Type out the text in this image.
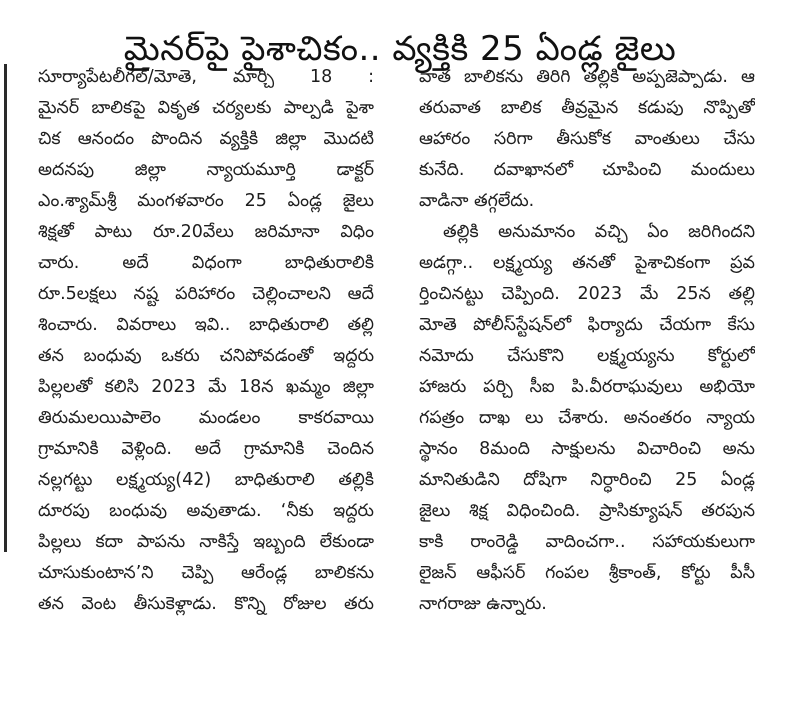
మైనర్‌పై పైశాచికం.. వ్యక్తికి 25 ఏండ్ల జైలు
సూర్యాపేటలీగల్/మోతె, మార్చి 18 :
మైనర్ బాలికపై వికృత చర్యలకు పాల్పడి పైశా
చిక ఆనందం పొందిన వ్యక్తికి జిల్లా మొదటి
అదనపు జిల్లా న్యాయమూర్తి డాక్టర్
ఎం.శ్యామ్‌శ్రీ మంగళవారం 25 ఏండ్ల జైలు
శిక్షతో పాటు రూ.20వేలు జరిమానా విధిం
చారు. అదే విధంగా బాధితురాలికి
రూ.5లక్షలు నష్ట పరిహారం చెల్లించాలని ఆదే
శించారు. వివరాలు ఇవి.. బాధితురాలి తల్లి
తన బంధువు ఒకరు చనిపోవడంతో ఇద్దరు
పిల్లలతో కలిసి 2023 మే 18న ఖమ్మం జిల్లా
తిరుమలయిపాలెం మండలం కాకరవాయి
గ్రామానికి వెళ్లింది. అదే గ్రామానికి చెందిన
నల్లగట్టు లక్ష్మయ్య(42) బాధితురాలి తల్లికి
దూరపు బంధువు అవుతాడు. ‘నీకు ఇద్దరు
పిల్లలు కదా పాపను నాకిస్తే ఇబ్బంది లేకుండా
చూసుకుంటాన’ని చెప్పి ఆరేండ్ల బాలికను
తన వెంట తీసుకెళ్లాడు. కొన్ని రోజుల తరు
వాత బాలికను తిరిగి తల్లికి అప్పజెప్పాడు. ఆ
తరువాత బాలిక తీవ్రమైన కడుపు నొప్పితో
ఆహారం సరిగా తీసుకోక వాంతులు చేసు
కునేది. దవాఖానలో చూపించి మందులు
వాడినా తగ్గలేదు.
తల్లికి అనుమానం వచ్చి ఏం జరిగిందని
అడగ్గా.. లక్ష్మయ్య తనతో పైశాచికంగా ప్రవ
ర్తించినట్టు చెప్పింది. 2023 మే 25న తల్లి
మోతె పోలీస్‌స్టేషన్‌లో ఫిర్యాదు చేయగా కేసు
నమోదు చేసుకొని లక్ష్మయ్యను కోర్టులో
హాజరు పర్చి సీఐ పి.వీరరాఘవులు అభియో
గపత్రం దాఖ లు చేశారు. అనంతరం న్యాయ
స్థానం 8మంది సాక్షులను విచారించి అను
మానితుడిని దోషిగా నిర్ధారించి 25 ఏండ్ల
జైలు శిక్ష విధించింది. ప్రాసిక్యూషన్ తరపున
కాకి రాంరెడ్డి వాదించగా.. సహాయకులుగా
లైజన్ ఆఫీసర్ గంపల శ్రీకాంత్, కోర్టు పీసీ
నాగరాజు ఉన్నారు.
